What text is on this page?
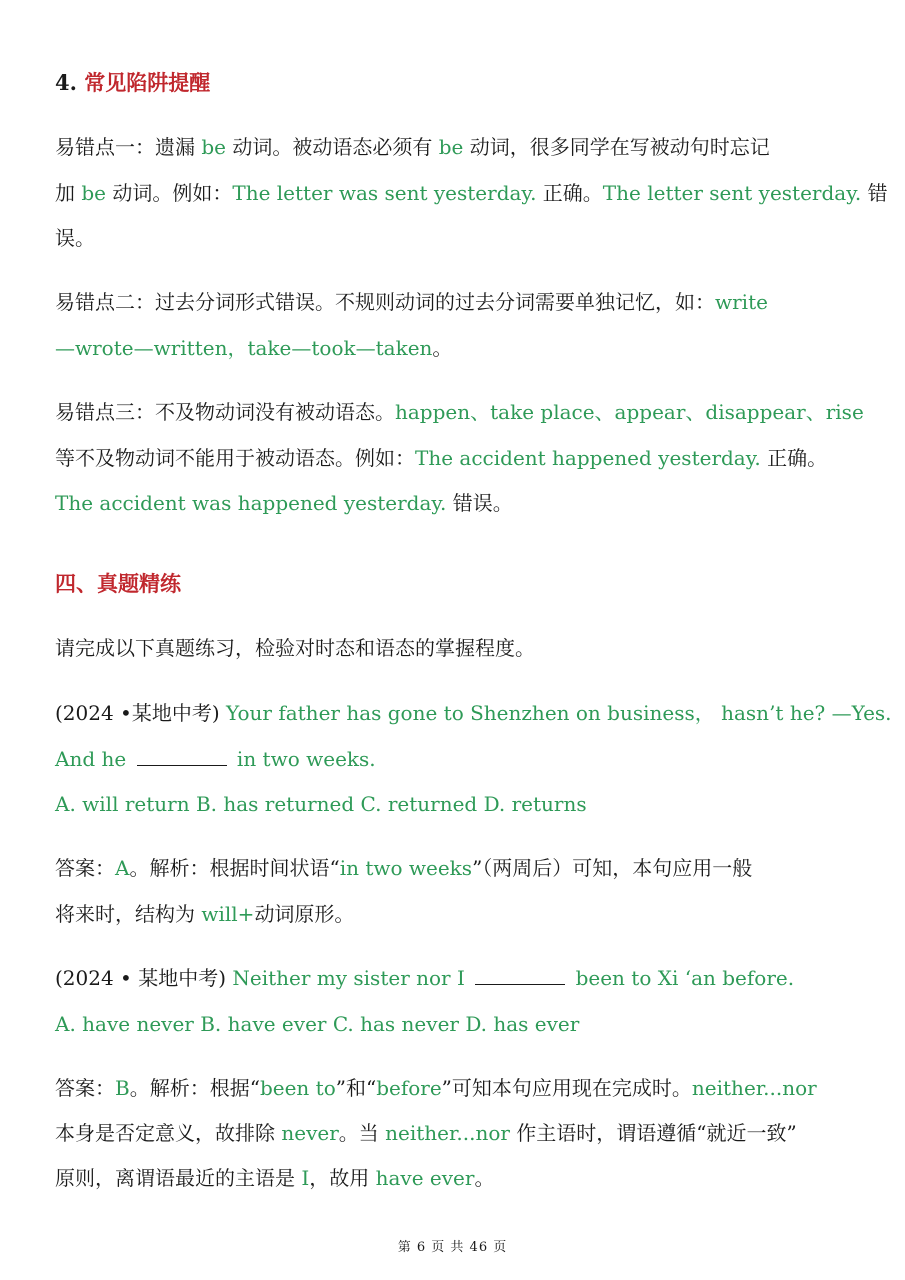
4. 常见陷阱提醒
易错点一：遗漏 be 动词。被动语态必须有 be 动词，很多同学在写被动句时忘记
加 be 动词。例如：The letter was sent yesterday. 正确。The letter sent yesterday. 错
误。
易错点二：过去分词形式错误。不规则动词的过去分词需要单独记忆，如：write
—wrote—written，take—took—taken。
易错点三：不及物动词没有被动语态。happen、take place、appear、disappear、rise
等不及物动词不能用于被动语态。例如：The accident happened yesterday. 正确。
The accident was happened yesterday. 错误。
四、真题精练
请完成以下真题练习，检验对时态和语态的掌握程度。
(2024 •某地中考) Your father has gone to Shenzhen on business， hasn’t he? —Yes.
And he	in two weeks.
A. will return B. has returned C. returned D. returns
答案：A。解析：根据时间状语“in two weeks”（两周后）可知，本句应用一般
将来时，结构为 will+动词原形。
(2024 • 某地中考) Neither my sister nor I	been to Xi ‘an before.
A. have never B. have ever C. has never D. has ever
答案：B。解析：根据“been to”和“before”可知本句应用现在完成时。neither...nor
本身是否定意义，故排除 never。当 neither...nor 作主语时，谓语遵循“就近一致”
原则，离谓语最近的主语是 I，故用 have ever。
第 6 页 共 46 页
